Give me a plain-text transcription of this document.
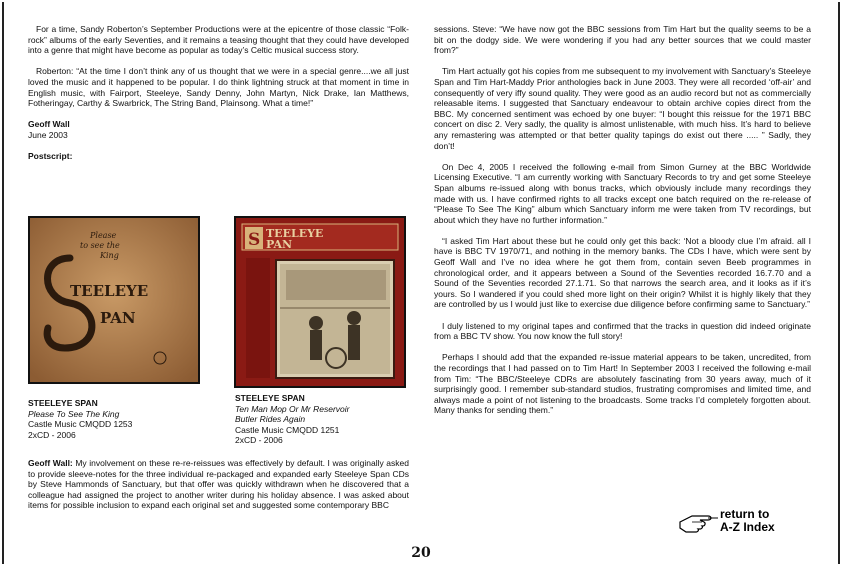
For a time, Sandy Roberton’s September Productions were at the epicentre of those classic “Folk-rock” albums of the early Seventies, and it remains a teasing thought that they could have developed into a genre that might have become as popular as today’s Celtic musical success story.

Roberton: “At the time I don’t think any of us thought that we were in a special genre....we all just loved the music and it happened to be popular. I do think lightning struck at that moment in time in English music, with Fairport, Steeleye, Sandy Denny, John Martyn, Nick Drake, Ian Matthews, Fotheringay, Carthy & Swarbrick, The String Band, Plainsong. What a time!”

Geoff Wall

June 2003

Postscript:

Please
to see the
King
TEELEYE
PAN
S TEELEYE
PAN
STEELEYE SPAN
Please To See The King
Castle Music CMQDD 1253
2xCD - 2006
STEELEYE SPAN
Ten Man Mop Or Mr Reservoir
Butler Rides Again
Castle Music CMQDD 1251
2xCD - 2006
Geoff Wall: My involvement on these re-re-reissues was effectively by default. I was originally asked to provide sleeve-notes for the three individual re-packaged and expanded early Steeleye Span CDs by Steve Hammonds of Sanctuary, but that offer was quickly withdrawn when he discovered that a colleague had assigned the project to another writer during his holiday absence. I was asked about items for possible inclusion to expand each original set and suggested some contemporary BBC

sessions. Steve: “We have now got the BBC sessions from Tim Hart but the quality seems to be a bit on the dodgy side. We were wondering if you had any better sources that we could master from?”

Tim Hart actually got his copies from me subsequent to my involvement with Sanctuary’s Steeleye Span and Tim Hart-Maddy Prior anthologies back in June 2003. They were all recorded ‘off-air’ and consequently of very iffy sound quality. They were good as an audio record but not as commercially releasable items. I suggested that Sanctuary endeavour to obtain archive copies direct from the BBC. My concerned sentiment was echoed by one buyer: “I bought this reissue for the 1971 BBC concert on disc 2. Very sadly, the quality is almost unlistenable, with much hiss. It’s hard to believe any remastering was attempted or that better quality tapings do exist out there ..... ” Sadly, they don’t!

On Dec 4, 2005 I received the following e-mail from Simon Gurney at the BBC Worldwide Licensing Executive. “I am currently working with Sanctuary Records to try and get some Steeleye Span albums re-issued along with bonus tracks, which obviously include many recordings they made with us. I have confirmed rights to all tracks except one batch required on the re-release of “Please To See The King” album which Sanctuary inform me were taken from TV recordings, but about which they have no further information.”

“I asked Tim Hart about these but he could only get this back: ‘Not a bloody clue I’m afraid. all I have is BBC TV 1970/71, and nothing in the memory banks. The CDs I have, which were sent by Geoff Wall and I’ve no idea where he got them from, contain seven Beeb programmes in chronological order, and it appears between a Sound of the Seventies recorded 16.7.70 and a Sound of the Seventies recorded 27.1.71. So that narrows the search area, and it looks as if it’s yours. So I wandered if you could shed more light on their origin? Whilst it is highly likely that they are controlled by us I would just like to exercise due diligence before confirming same to Sanctuary.”

I duly listened to my original tapes and confirmed that the tracks in question did indeed originate from a BBC TV show. You now know the full story!

Perhaps I should add that the expanded re-issue material appears to be taken, uncredited, from the recordings that I had passed on to Tim Hart! In September 2003 I received the following e-mail from Tim: “The BBC/Steeleye CDRs are absolutely fascinating from 30 years away, much of it surprisingly good. I remember sub-standard studios, frustrating compromises and limited time, and always made a point of not listening to the broadcasts. Some tracks I’d completely forgotten about. Many thanks for sending them.”

return to
A-Z Index
20
